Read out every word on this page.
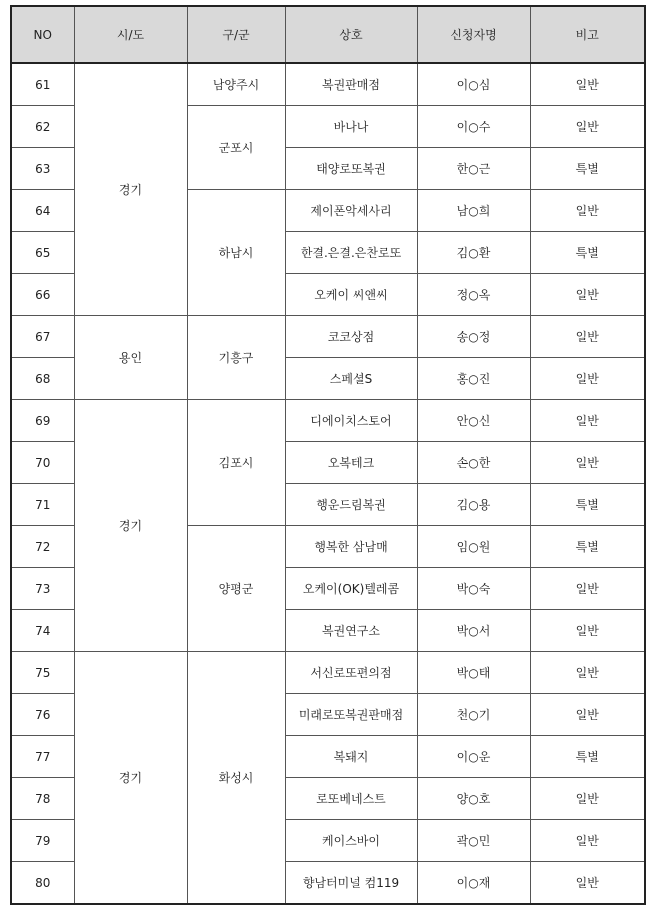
NO	시/도	구/군	상호	신청자명	비고
61	경기	남양주시	복권판매점	이○심	일반
62		군포시	바나나	이○수	일반
63			태양로또복권	한○근	특별
64		하남시	제이폰악세사리	남○희	일반
65			한결.은결.은찬로또	김○환	특별
66			오케이 씨앤씨	정○옥	일반
67	용인	기흥구	코코상점	송○정	일반
68			스페셜S	홍○진	일반
69	경기	김포시	디에이치스토어	안○신	일반
70			오복테크	손○한	일반
71			행운드림복권	김○용	특별
72		양평군	행복한 삼남매	임○원	특별
73			오케이(OK)텔레콤	박○숙	일반
74			복권연구소	박○서	일반
75	경기	화성시	서신로또편의점	박○태	일반
76			미래로또복권판매점	천○기	일반
77			복돼지	이○운	특별
78			로또베네스트	양○호	일반
79			케이스바이	곽○민	일반
80			향남터미널 컴119	이○재	일반
